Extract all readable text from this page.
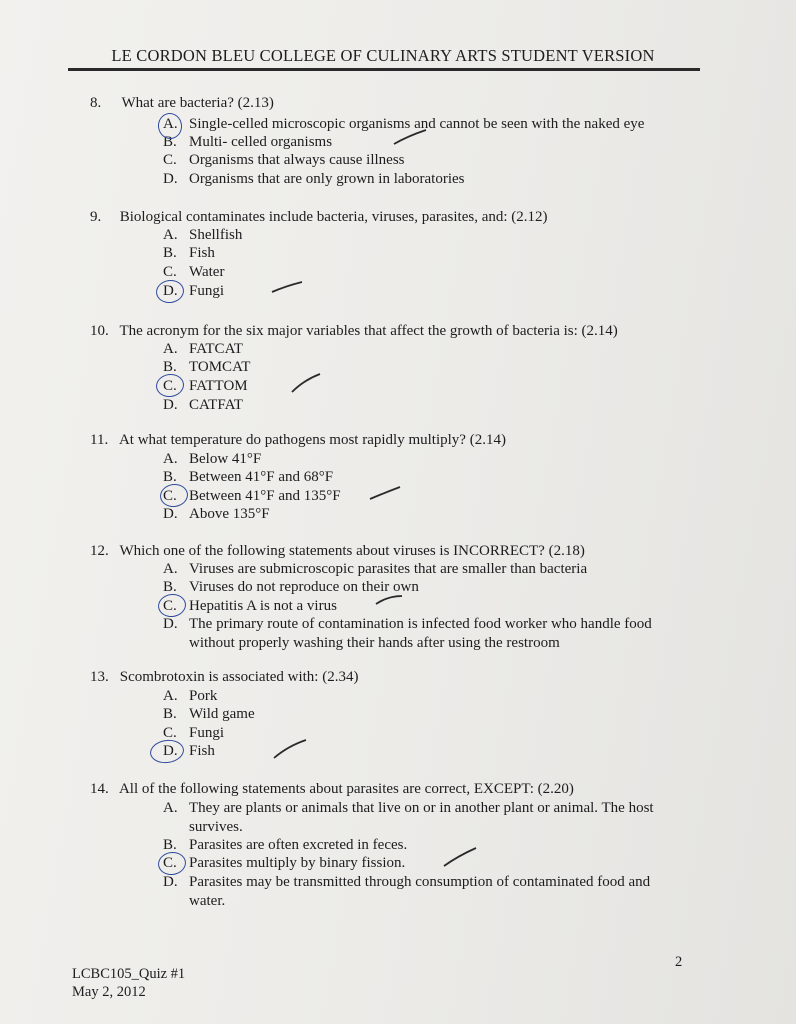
LE CORDON BLEU COLLEGE OF CULINARY ARTS STUDENT VERSION
8. What are bacteria? (2.13)
A. Single-celled microscopic organisms and cannot be seen with the naked eye
B. Multi- celled organisms
C. Organisms that always cause illness
D. Organisms that are only grown in laboratories
9. Biological contaminates include bacteria, viruses, parasites, and: (2.12)
A. Shellfish
B. Fish
C. Water
D. Fungi
10. The acronym for the six major variables that affect the growth of bacteria is: (2.14)
A. FATCAT
B. TOMCAT
C. FATTOM
D. CATFAT
11. At what temperature do pathogens most rapidly multiply? (2.14)
A. Below 41°F
B. Between 41°F and 68°F
C. Between 41°F and 135°F
D. Above 135°F
12. Which one of the following statements about viruses is INCORRECT? (2.18)
A. Viruses are submicroscopic parasites that are smaller than bacteria
B. Viruses do not reproduce on their own
C. Hepatitis A is not a virus
D. The primary route of contamination is infected food worker who handle food without properly washing their hands after using the restroom
13. Scombrotoxin is associated with: (2.34)
A. Pork
B. Wild game
C. Fungi
D. Fish
14. All of the following statements about parasites are correct, EXCEPT: (2.20)
A. They are plants or animals that live on or in another plant or animal. The host survives.
B. Parasites are often excreted in feces.
C. Parasites multiply by binary fission.
D. Parasites may be transmitted through consumption of contaminated food and water.
2
LCBC105_Quiz #1
May 2, 2012
